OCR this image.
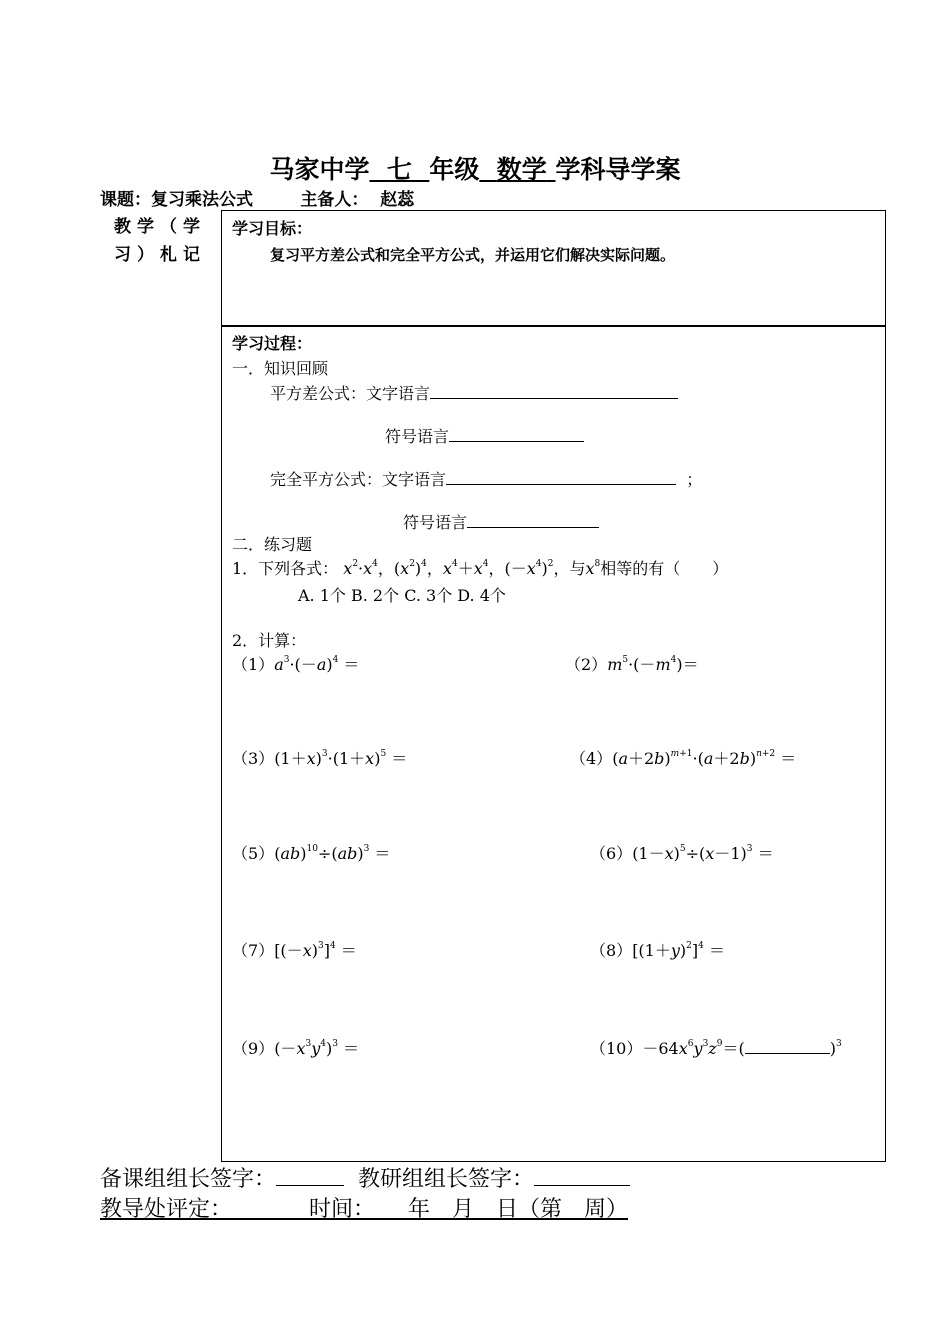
马家中学 七 年级 数学 学科导学案
课题：复习乘法公式	主备人： 赵蕊
教学（学习）札记
学习目标：
复习平方差公式和完全平方公式，并运用它们解决实际问题。
学习过程：
一．知识回顾
平方差公式：文字语言
符号语言
完全平方公式：文字语言	；
符号语言
二．练习题
1．下列各式： $x^2\cdot x^4$，$(x^2)^4$，$x^4+x^4$，$(-x^4)^2$，与$x^8$相等的有（　　）
A. 1个 B. 2个 C. 3个 D. 4个
2．计算：
$(1)a^3\cdot(-a)^4$ ＝	$(2)m^5\cdot(-m^4)=$
$(3)(1+x)^3\cdot(1+x)^5$ ＝	$(4)(a+2b)^{m+1}\cdot(a+2b)^{n+2}$ ＝
（5）(ab)$^{10}$÷(ab)$^3$ ＝	$(6)(1-x)^5\div(x-1)^3$ ＝
$(7)[(-x)^3]^4$ ＝	$(8)[(1+y)^2]^4$ ＝
$(9)(-x^3y^4)^3$ ＝	$(10)-64x^6y^3z^9=$(	)$^3$
备课组组长签字：	教研组组长签字：
教导处评定：　　　　时间：　　年　月　日（第　周）
